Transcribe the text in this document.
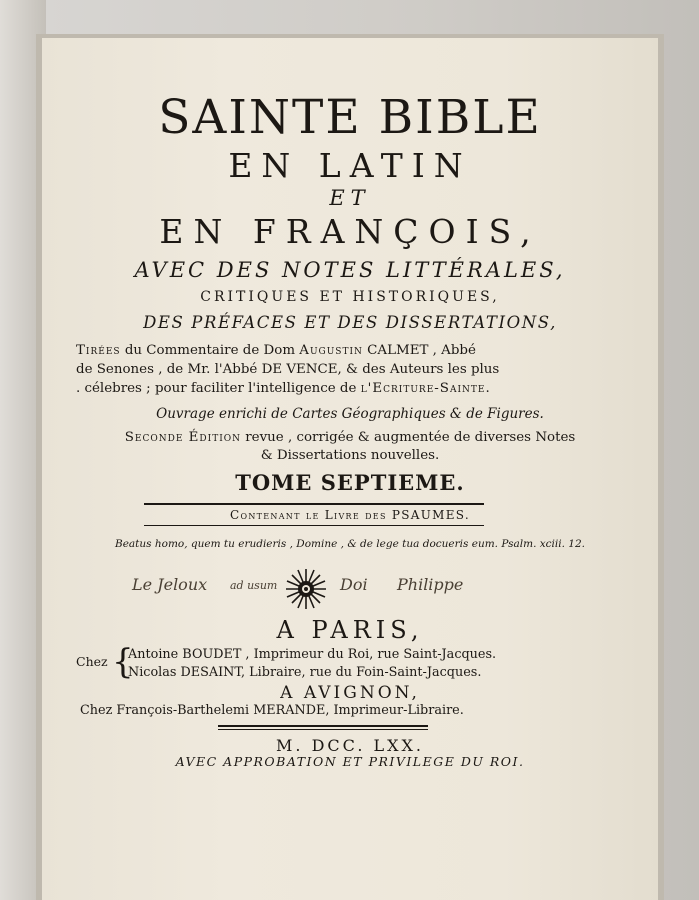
SAINTE BIBLE
EN LATIN
ET
EN FRANÇOIS,
AVEC DES NOTES LITTÉRALES,
CRITIQUES ET HISTORIQUES,
DES PRÉFACES ET DES DISSERTATIONS,
Tirées du Commentaire de Dom Augustin CALMET , Abbé
de Senones , de Mr. l'Abbé DE VENCE, & des Auteurs les plus
. célebres ; pour faciliter l'intelligence de l'Ecriture-Sainte.
Ouvrage enrichi de Cartes Géographiques & de Figures.
Seconde Édition revue , corrigée & augmentée de diverses Notes
& Dissertations nouvelles.
TOME SEPTIEME.
Contenant le Livre des PSAUMES.
Beatus homo, quem tu erudieris , Domine , & de lege tua docueris eum. Psalm. xciii. 12.
Le Jeloux ad usum	Doi Philippe
A PARIS,
Chez {
Antoine BOUDET , Imprimeur du Roi, rue Saint-Jacques.
Nicolas DESAINT, Libraire, rue du Foin-Saint-Jacques.
A AVIGNON,
Chez François-Barthelemi MERANDE, Imprimeur-Libraire.
M. DCC. LXX.
AVEC APPROBATION ET PRIVILEGE DU ROI.
